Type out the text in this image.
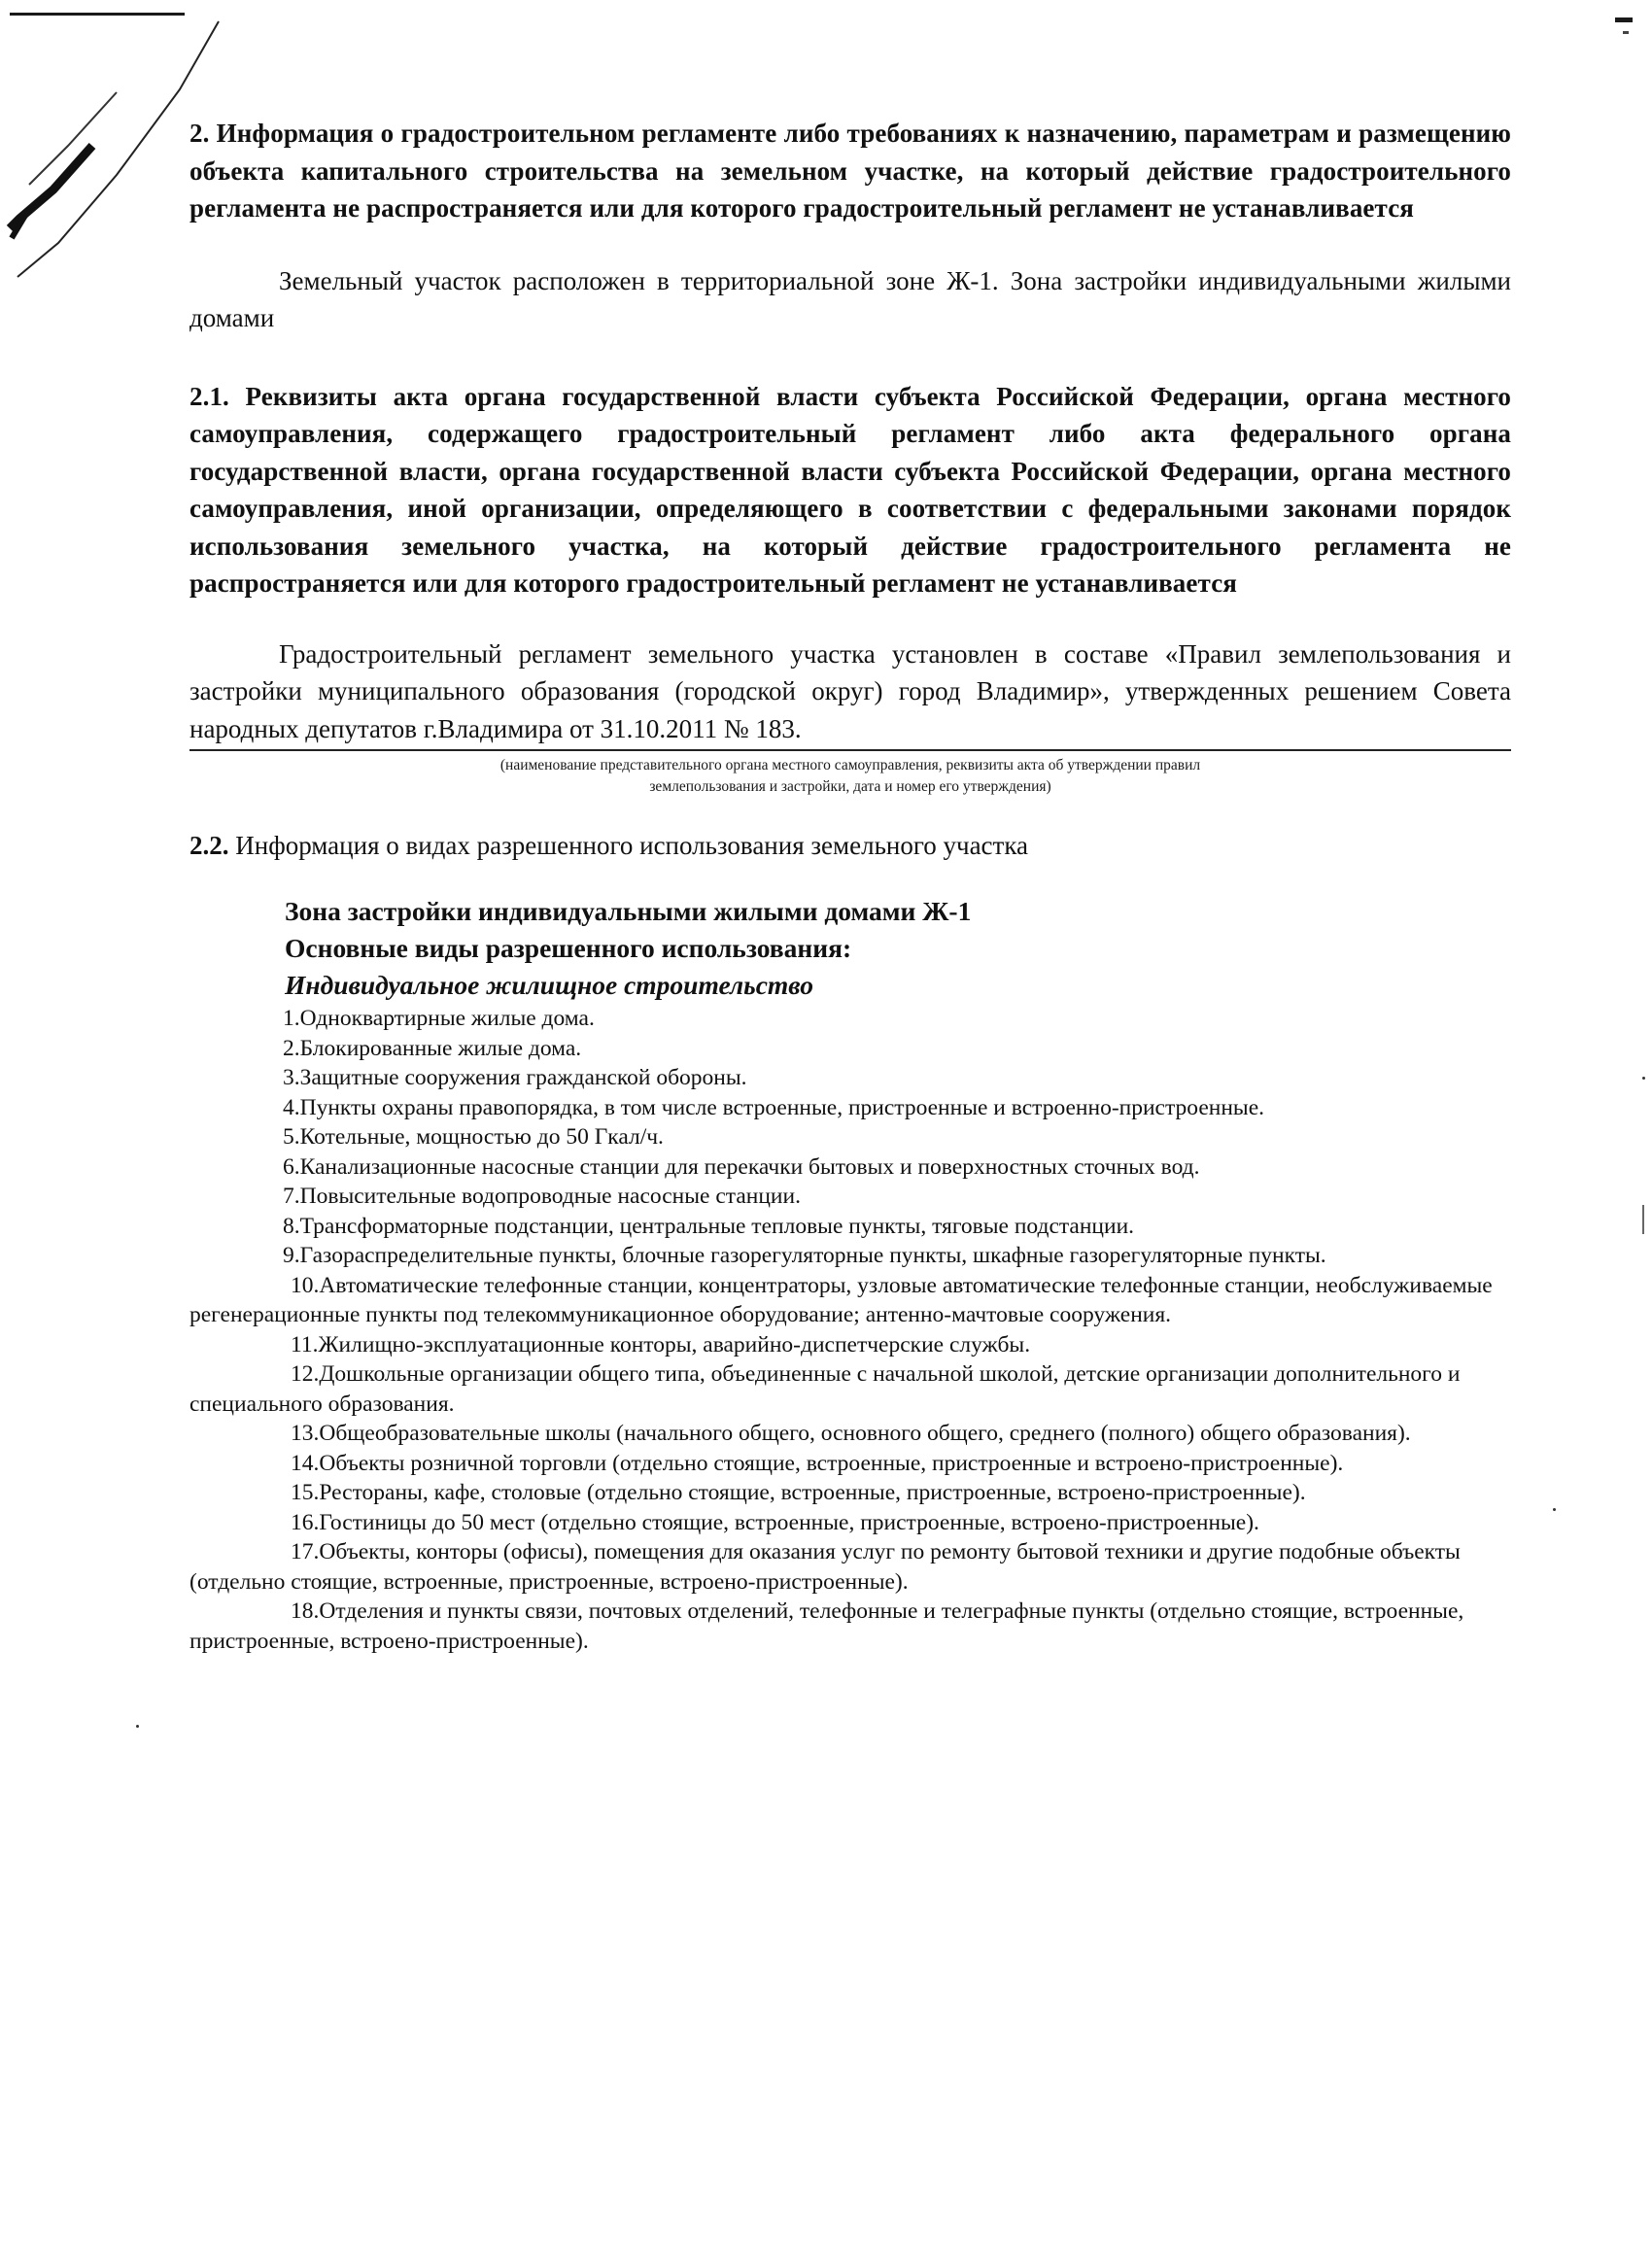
2. Информация о градостроительном регламенте либо требованиях к назначению, параметрам и размещению объекта капитального строительства на земельном участке, на который действие градостроительного регламента не распространяется или для которого градостроительный регламент не устанавливается

Земельный участок расположен в территориальной зоне Ж-1. Зона застройки индивидуальными жилыми домами

2.1. Реквизиты акта органа государственной власти субъекта Российской Федерации, органа местного самоуправления, содержащего градостроительный регламент либо акта федерального органа государственной власти, органа государственной власти субъекта Российской Федерации, органа местного самоуправления, иной организации, определяющего в соответствии с федеральными законами порядок использования земельного участка, на который действие градостроительного регламента не распространяется или для которого градостроительный регламент не устанавливается

Градостроительный регламент земельного участка установлен в составе «Правил землепользования и застройки муниципального образования (городской округ) город Владимир», утвержденных решением Совета народных депутатов г.Владимира от 31.10.2011 № 183.

(наименование представительного органа местного самоуправления, реквизиты акта об утверждении правил

землепользования и застройки, дата и номер его утверждения)

2.2. Информация о видах разрешенного использования земельного участка

Зона застройки индивидуальными жилыми домами Ж-1

Основные виды разрешенного использования:

Индивидуальное жилищное строительство

1.Одноквартирные жилые дома.
2.Блокированные жилые дома.
3.Защитные сооружения гражданской обороны.
4.Пункты охраны правопорядка, в том числе встроенные, пристроенные и встроенно-пристроенные.
5.Котельные, мощностью до 50 Гкал/ч.
6.Канализационные насосные станции для перекачки бытовых и поверхностных сточных вод.
7.Повысительные водопроводные насосные станции.
8.Трансформаторные подстанции, центральные тепловые пункты, тяговые подстанции.
9.Газораспределительные пункты, блочные газорегуляторные пункты, шкафные газорегуляторные пункты.
10.Автоматические телефонные станции, концентраторы, узловые автоматические телефонные станции, необслуживаемые регенерационные пункты под телекоммуникационное оборудование; антенно-мачтовые сооружения.
11.Жилищно-эксплуатационные конторы, аварийно-диспетчерские службы.
12.Дошкольные организации общего типа, объединенные с начальной школой, детские организации дополнительного и специального образования.
13.Общеобразовательные школы (начального общего, основного общего, среднего (полного) общего образования).
14.Объекты розничной торговли (отдельно стоящие, встроенные, пристроенные и встроено-пристроенные).
15.Рестораны, кафе, столовые (отдельно стоящие, встроенные, пристроенные, встроено-пристроенные).
16.Гостиницы до 50 мест (отдельно стоящие, встроенные, пристроенные, встроено-пристроенные).
17.Объекты, конторы (офисы), помещения для оказания услуг по ремонту бытовой техники и другие подобные объекты (отдельно стоящие, встроенные, пристроенные, встроено-пристроенные).
18.Отделения и пункты связи, почтовых отделений, телефонные и телеграфные пункты (отдельно стоящие, встроенные, пристроенные, встроено-пристроенные).
